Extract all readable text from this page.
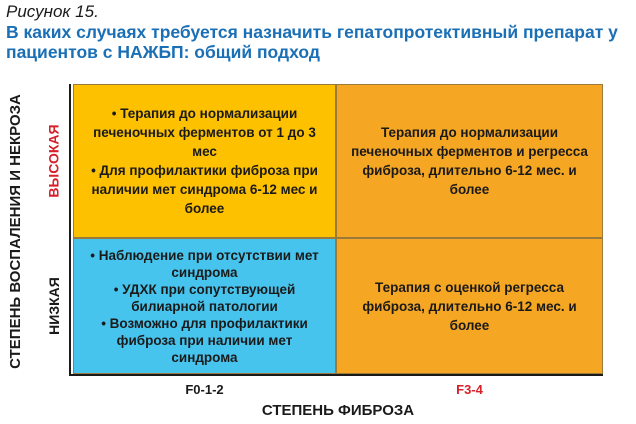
Рисунок 15.
В каких случаях требуется назначить гепатопротективный препарат у пациентов с НАЖБП: общий подход
СТЕПЕНЬ ВОСПАЛЕНИЯ И НЕКРОЗА ВЫСОКАЯ
НИЗКАЯ
• Терапия до нормализации печеночных ферментов от 1 до 3 мес
• Для профилактики фиброза при наличии мет синдрома 6-12 мес и более
Терапия до нормализации печеночных ферментов и регресса фиброза, длительно 6-12 мес. и более
• Наблюдение при отсутствии мет синдрома
• УДХК при сопутствующей билиарной патологии
• Возможно для профилактики фиброза при наличии мет синдрома
Терапия с оценкой регресса фиброза, длительно 6-12 мес. и более
F0-1-2	F3-4
СТЕПЕНЬ ФИБРОЗА
